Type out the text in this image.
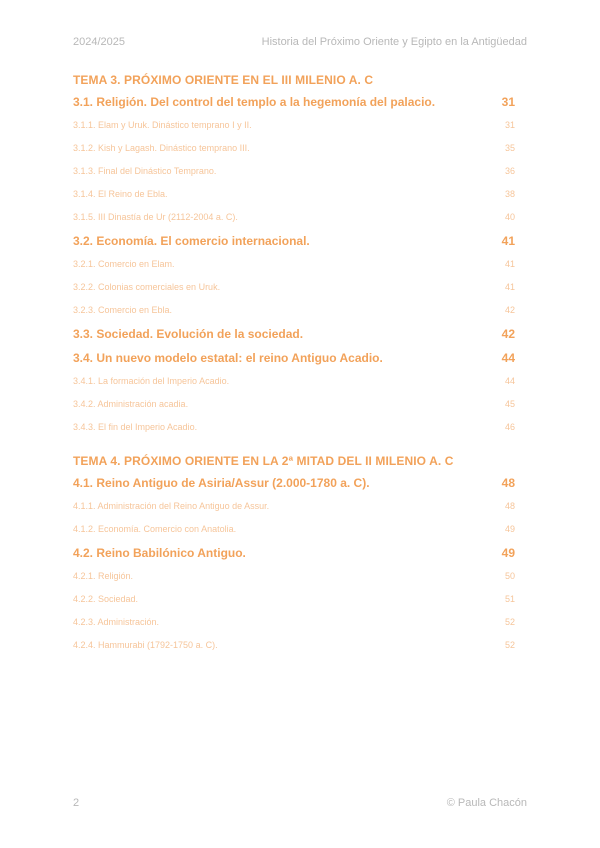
2024/2025	Historia del Próximo Oriente y Egipto en la Antigüedad
TEMA 3. PRÓXIMO ORIENTE EN EL III MILENIO A. C
3.1. Religión. Del control del templo a la hegemonía del palacio.	31
3.1.1. Elam y Uruk. Dinástico temprano I y II.	31
3.1.2. Kish y Lagash. Dinástico temprano III.	35
3.1.3. Final del Dinástico Temprano.	36
3.1.4. El Reino de Ebla.	38
3.1.5. III Dinastía de Ur (2112-2004 a. C).	40
3.2. Economía. El comercio internacional.	41
3.2.1. Comercio en Elam.	41
3.2.2. Colonias comerciales en Uruk.	41
3.2.3. Comercio en Ebla.	42
3.3. Sociedad. Evolución de la sociedad.	42
3.4. Un nuevo modelo estatal: el reino Antiguo Acadio.	44
3.4.1. La formación del Imperio Acadio.	44
3.4.2. Administración acadia.	45
3.4.3. El fin del Imperio Acadio.	46
TEMA 4. PRÓXIMO ORIENTE EN LA 2ª MITAD DEL II MILENIO A. C
4.1. Reino Antiguo de Asiria/Assur (2.000-1780 a. C).	48
4.1.1. Administración del Reino Antiguo de Assur.	48
4.1.2. Economía. Comercio con Anatolia.	49
4.2. Reino Babilónico Antiguo.	49
4.2.1. Religión.	50
4.2.2. Sociedad.	51
4.2.3. Administración.	52
4.2.4. Hammurabi (1792-1750 a. C).	52
2	© Paula Chacón
